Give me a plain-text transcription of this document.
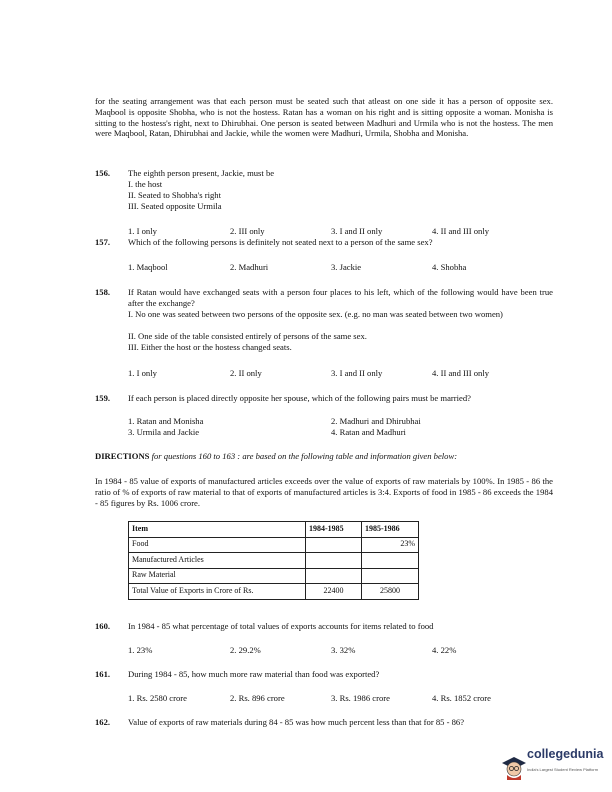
for the seating arrangement was that each person must be seated such that atleast on one side it has a person of opposite sex. Maqbool is opposite Shobha, who is not the hostess. Ratan has a woman on his right and is sitting opposite a woman. Monisha is sitting to the hostess's right, next to Dhirubhai. One person is seated between Madhuri and Urmila who is not the hostess. The men were Maqbool, Ratan, Dhirubhai and Jackie, while the women were Madhuri, Urmila, Shobha and Monisha.
156. The eighth person present, Jackie, must be
I. the host
II. Seated to Shobha's right
III. Seated opposite Urmila
1. I only	2. III only	3. I and II only	4. II and III only
157. Which of the following persons is definitely not seated next to a person of the same sex?
1. Maqbool	2. Madhuri	3. Jackie	4. Shobha
158. If Ratan would have exchanged seats with a person four places to his left, which of the following would have been true after the exchange?
I. No one was seated between two persons of the opposite sex. (e.g. no man was seated between two women)
II. One side of the table consisted entirely of persons of the same sex.
III. Either the host or the hostess changed seats.
1. I only	2. II only	3. I and II only	4. II and III only
159. If each person is placed directly opposite her spouse, which of the following pairs must be married?
1. Ratan and Monisha	2. Madhuri and Dhirubhai
3. Urmila and Jackie	4. Ratan and Madhuri
DIRECTIONS for questions 160 to 163 : are based on the following table and information given below:
In 1984 - 85 value of exports of manufactured articles exceeds over the value of exports of raw materials by 100%. In 1985 - 86 the ratio of % of exports of raw material to that of exports of manufactured articles is 3:4. Exports of food in 1985 - 86 exceeds the 1984 - 85 figures by Rs. 1006 crore.
Item	1984-1985	1985-1986
Food		23%
Manufactured Articles		
Raw Material		
Total Value of Exports in Crore of Rs.	22400	25800
160. In 1984 - 85 what percentage of total values of exports accounts for items related to food
1. 23%	2. 29.2%	3. 32%	4. 22%
161. During 1984 - 85, how much more raw material than food was exported?
1. Rs. 2580 crore	2. Rs. 896 crore	3. Rs. 1986 crore	4. Rs. 1852 crore
162. Value of exports of raw materials during 84 - 85 was how much percent less than that for 85 - 86?
collegedunia
India's Largest Student Review Platform
